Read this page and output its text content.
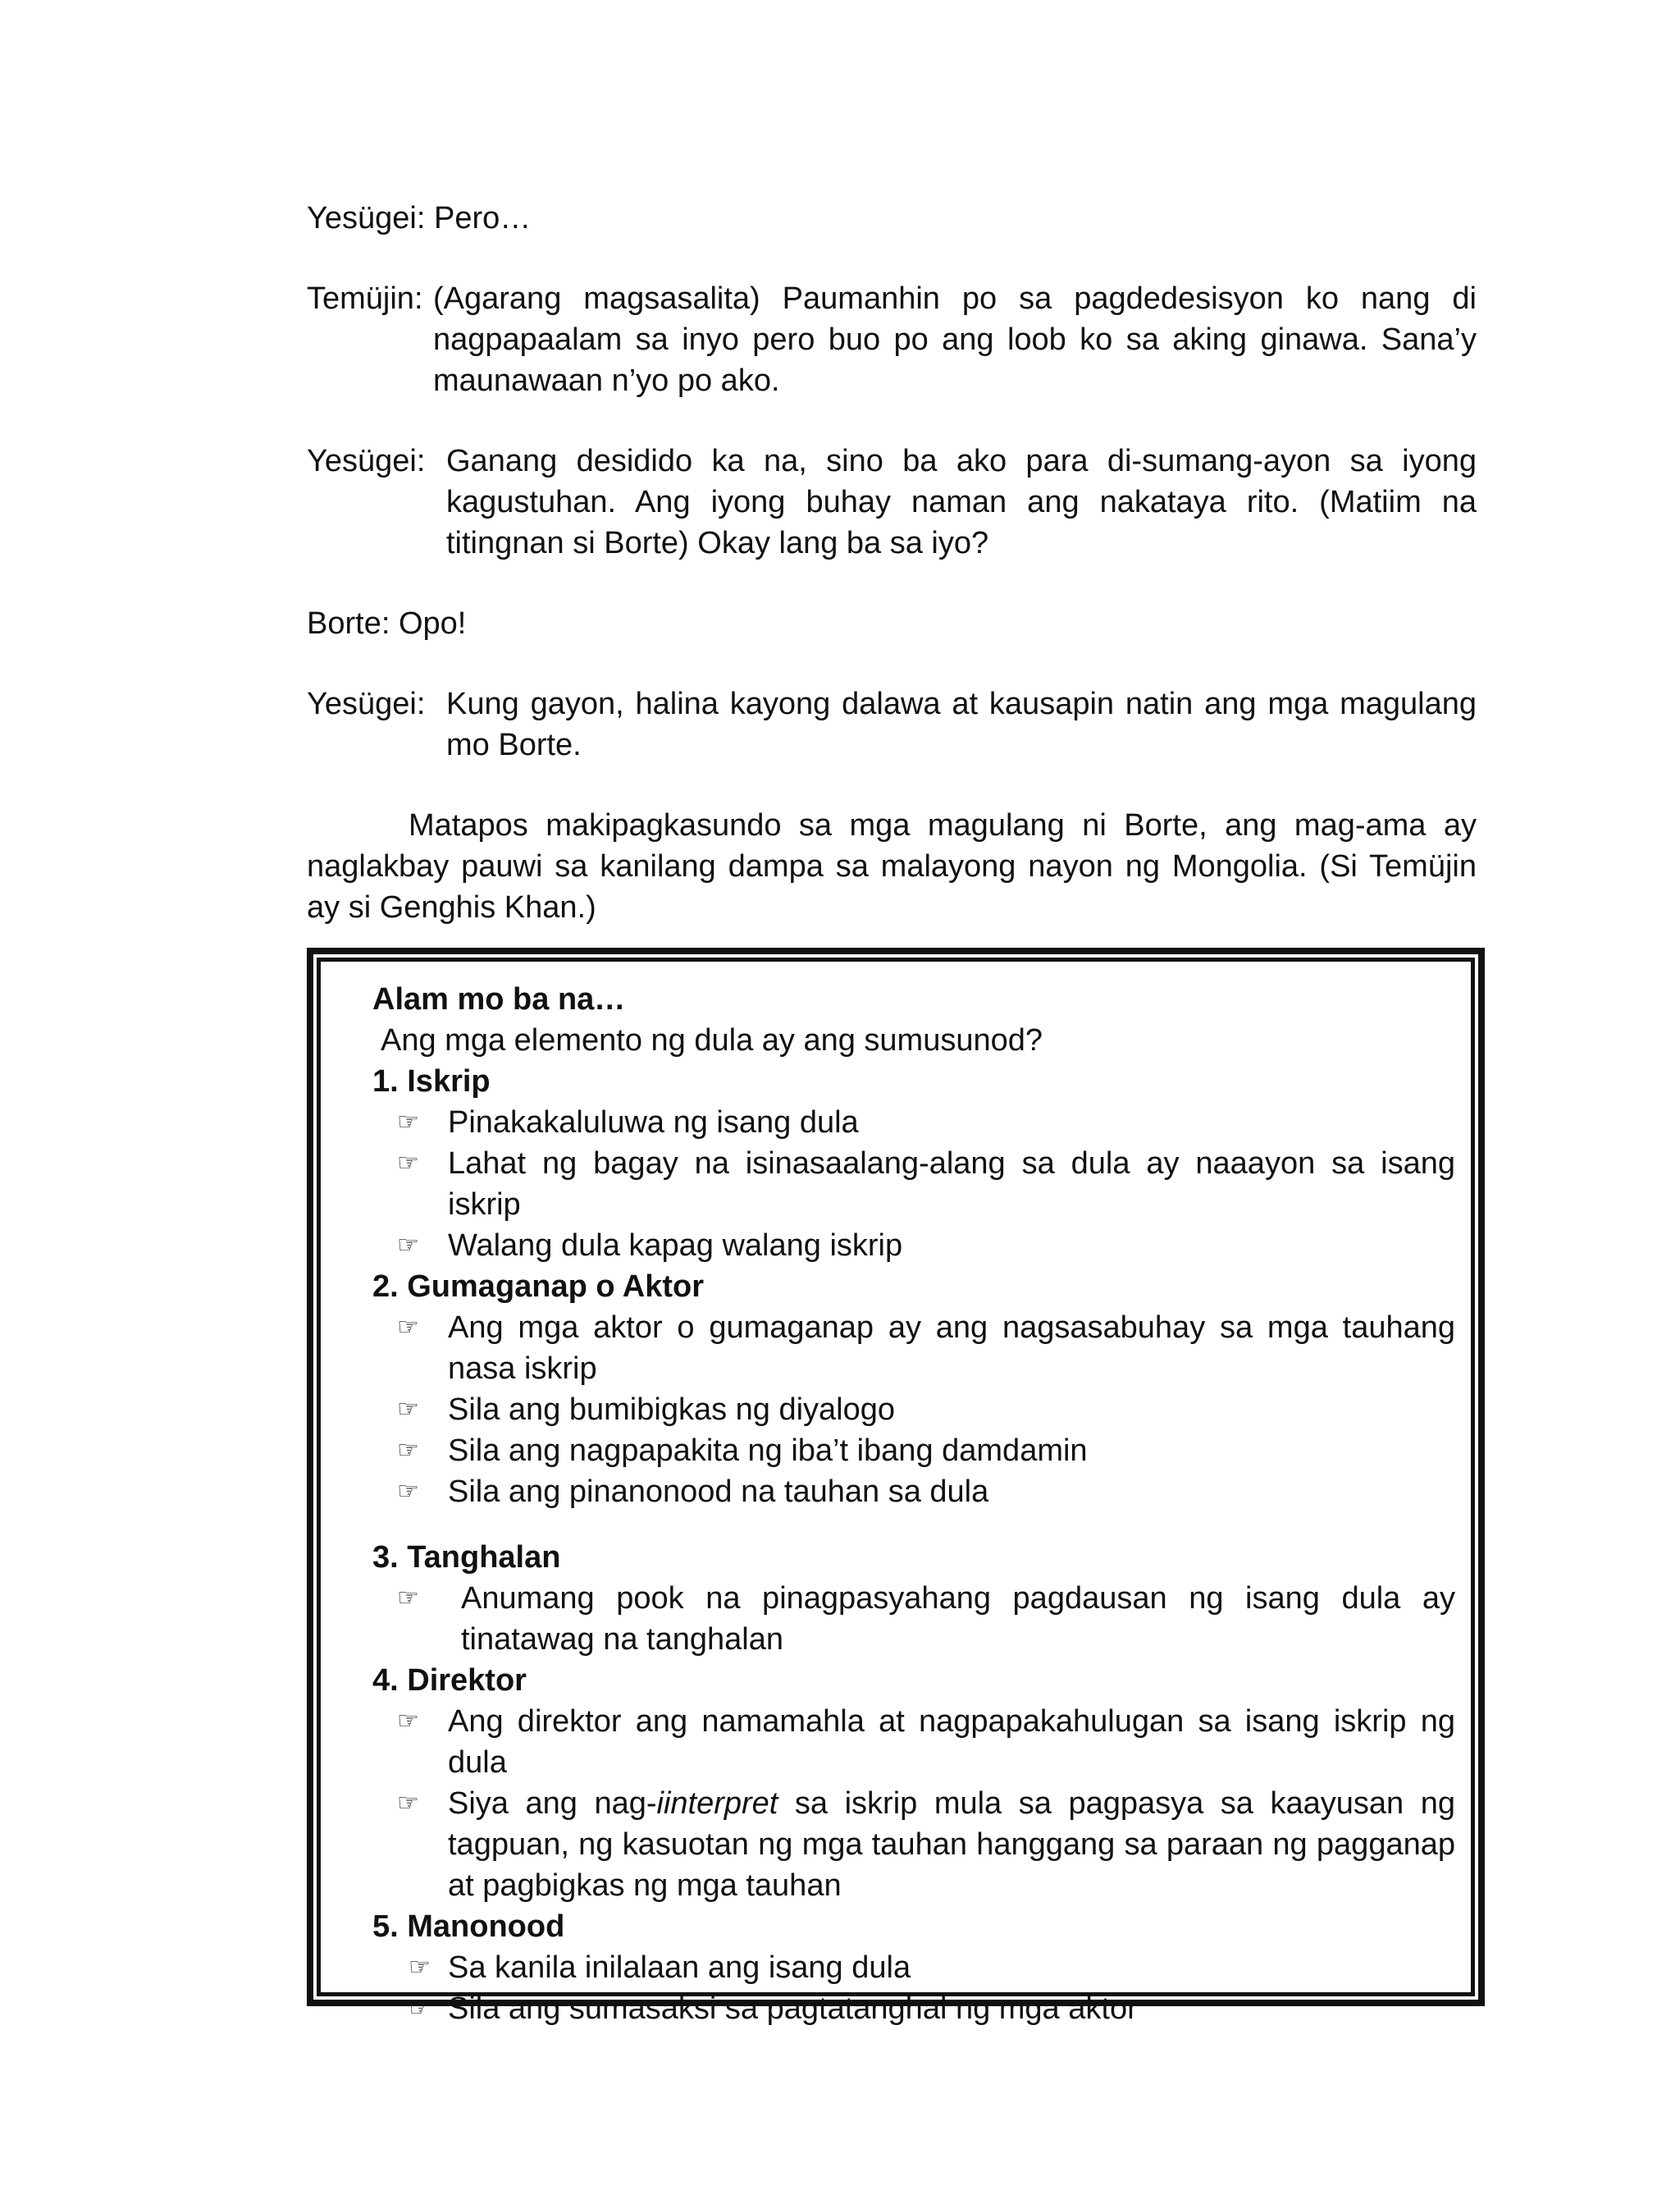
Yesügei: Pero…
Temüjin: (Agarang magsasalita) Paumanhin po sa pagdedesisyon ko nang di nagpapaalam sa inyo pero buo po ang loob ko sa aking ginawa. Sana’y maunawaan n’yo po ako.
Yesügei: Ganang desidido ka na, sino ba ako para di-sumang-ayon sa iyong kagustuhan. Ang iyong buhay naman ang nakataya rito. (Matiim na titingnan si Borte) Okay lang ba sa iyo?
Borte: Opo!
Yesügei: Kung gayon, halina kayong dalawa at kausapin natin ang mga magulang mo Borte.

Matapos makipagkasundo sa mga magulang ni Borte, ang mag-ama ay naglakbay pauwi sa kanilang dampa sa malayong nayon ng Mongolia. (Si Temüjin ay si Genghis Khan.)

Alam mo ba na…
Ang mga elemento ng dula ay ang sumusunod?
1. Iskrip
☞ Pinakakaluluwa ng isang dula
☞ Lahat ng bagay na isinasaalang-alang sa dula ay naaayon sa isang iskrip
☞ Walang dula kapag walang iskrip
2. Gumaganap o Aktor
☞ Ang mga aktor o gumaganap ay ang nagsasabuhay sa mga tauhang nasa iskrip
☞ Sila ang bumibigkas ng diyalogo
☞ Sila ang nagpapakita ng iba’t ibang damdamin
☞ Sila ang pinanonood na tauhan sa dula
3. Tanghalan
☞ Anumang pook na pinagpasyahang pagdausan ng isang dula ay tinatawag na tanghalan
4. Direktor
☞ Ang direktor ang namamahla at nagpapakahulugan sa isang iskrip ng dula
☞ Siya ang nag-iinterpret sa iskrip mula sa pagpasya sa kaayusan ng tagpuan, ng kasuotan ng mga tauhan hanggang sa paraan ng pagganap at pagbigkas ng mga tauhan
5. Manonood
☞ Sa kanila inilalaan ang isang dula
☞ Sila ang sumasaksi sa pagtatanghal ng mga aktor
